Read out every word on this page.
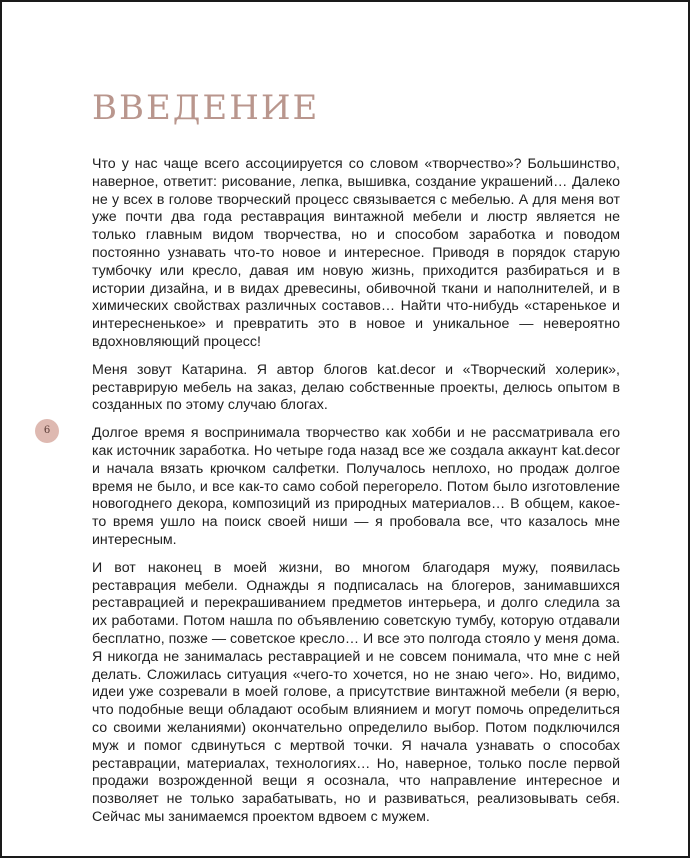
ВВЕДЕНИЕ
6

Что у нас чаще всего ассоциируется со словом «творчество»? Большинство, наверное, ответит: рисование, лепка, вышивка, создание украшений… Далеко не у всех в голове творческий процесс связывается с мебелью. А для меня вот уже почти два года реставрация винтажной мебели и люстр является не только главным видом творчества, но и способом заработка и поводом постоянно узнавать что-то новое и интересное. Приводя в порядок старую тумбочку или кресло, давая им новую жизнь, приходится разбираться и в истории дизайна, и в видах древесины, обивочной ткани и наполнителей, и в химических свойствах различных составов… Найти что-нибудь «старенькое и интересненькое» и превратить это в новое и уникальное — невероятно вдохновляющий процесс!

Меня зовут Катарина. Я автор блогов kat.decor и «Творческий холерик», реставрирую мебель на заказ, делаю собственные проекты, делюсь опытом в созданных по этому случаю блогах.

Долгое время я воспринимала творчество как хобби и не рассматривала его как источник заработка. Но четыре года назад все же создала аккаунт kat.decor и начала вязать крючком салфетки. Получалось неплохо, но продаж долгое время не было, и все как-то само собой перегорело. Потом было изготовление новогоднего декора, композиций из природных материалов… В общем, какое-то время ушло на поиск своей ниши — я пробовала все, что казалось мне интересным.

И вот наконец в моей жизни, во многом благодаря мужу, появилась реставрация мебели. Однажды я подписалась на блогеров, занимавшихся реставрацией и перекрашиванием предметов интерьера, и долго следила за их работами. Потом нашла по объявлению советскую тумбу, которую отдавали бесплатно, позже — советское кресло… И все это полгода стояло у меня дома. Я никогда не занималась реставрацией и не совсем понимала, что мне с ней делать. Сложилась ситуация «чего-то хочется, но не знаю чего». Но, видимо, идеи уже созревали в моей голове, а присутствие винтажной мебели (я верю, что подобные вещи обладают особым влиянием и могут помочь определиться со своими желаниями) окончательно определило выбор. Потом подключился муж и помог сдвинуться с мертвой точки. Я начала узнавать о способах реставрации, материалах, технологиях… Но, наверное, только после первой продажи возрожденной вещи я осознала, что направление интересное и позволяет не только зарабатывать, но и развиваться, реализовывать себя. Сейчас мы занимаемся проектом вдвоем с мужем.
